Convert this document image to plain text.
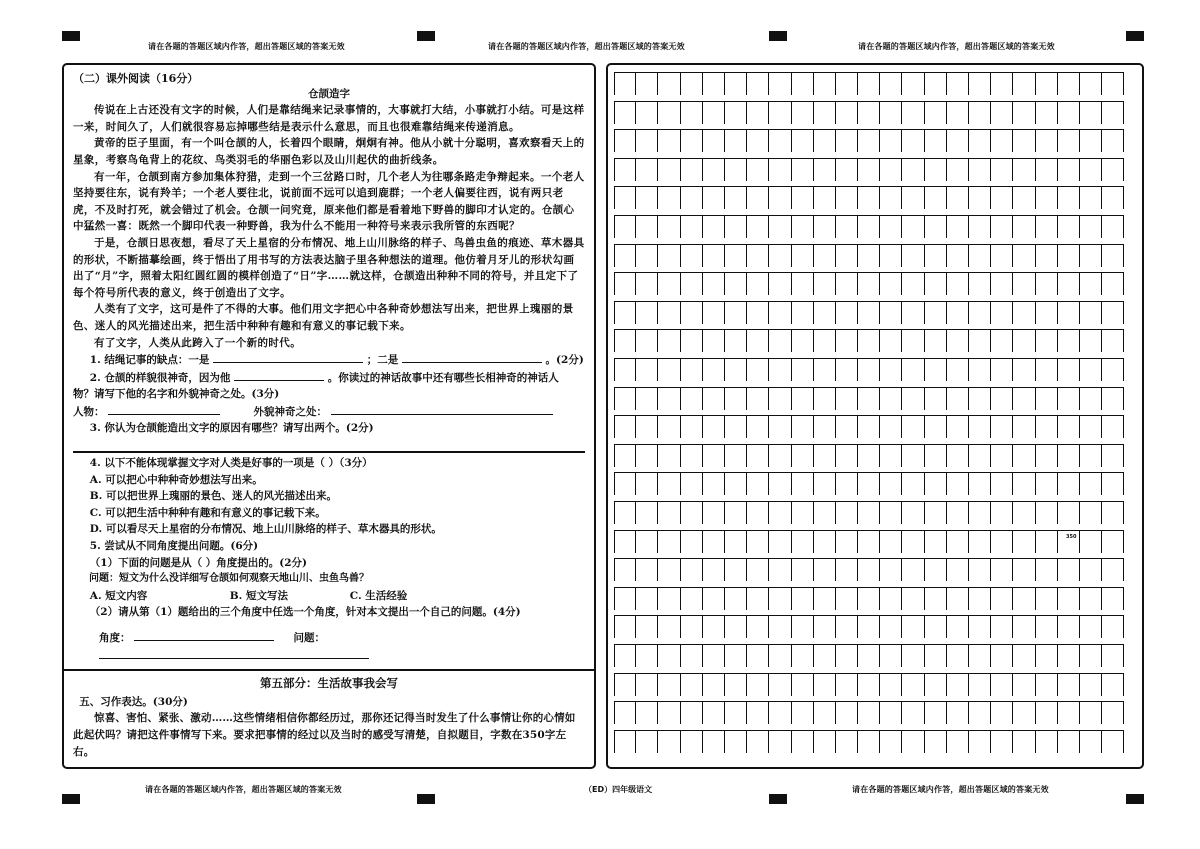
请在各题的答题区域内作答，超出答题区域的答案无效	请在各题的答题区域内作答，超出答题区域的答案无效	请在各题的答题区域内作答，超出答题区域的答案无效
（二）课外阅读（16分）
仓颉造字

传说在上古还没有文字的时候，人们是靠结绳来记录事情的，大事就打大结，小事就打小结。可是这样一来，时间久了，人们就很容易忘掉哪些结是表示什么意思，而且也很难靠结绳来传递消息。

黄帝的臣子里面，有一个叫仓颉的人，长着四个眼睛，炯炯有神。他从小就十分聪明，喜欢察看天上的星象，考察鸟龟背上的花纹、鸟类羽毛的华丽色彩以及山川起伏的曲折线条。

有一年，仓颉到南方参加集体狩猎，走到一个三岔路口时，几个老人为往哪条路走争辩起来。一个老人坚持要往东，说有羚羊；一个老人要往北，说前面不远可以追到鹿群；一个老人偏要往西，说有两只老虎，不及时打死，就会错过了机会。仓颉一问究竟，原来他们都是看着地下野兽的脚印才认定的。仓颉心中猛然一喜：既然一个脚印代表一种野兽，我为什么不能用一种符号来表示我所管的东西呢？

于是，仓颉日思夜想，看尽了天上星宿的分布情况、地上山川脉络的样子、鸟兽虫鱼的痕迹、草木器具的形状，不断描摹绘画，终于悟出了用书写的方法表达脑子里各种想法的道理。他仿着月牙儿的形状勾画出了“月”字，照着太阳红圆红圆的模样创造了“日”字……就这样，仓颉造出种种不同的符号，并且定下了每个符号所代表的意义，终于创造出了文字。

人类有了文字，这可是件了不得的大事。他们用文字把心中各种奇妙想法写出来，把世界上瑰丽的景色、迷人的风光描述出来，把生活中种种有趣和有意义的事记载下来。

有了文字，人类从此跨入了一个新的时代。

1. 结绳记事的缺点：一是	；二是	。(2分)
2. 仓颉的样貌很神奇，因为他	。你读过的神话故事中还有哪些长相神奇的神话人
物？请写下他的名字和外貌神奇之处。(3分)
人物：	外貌神奇之处：
3. 你认为仓颉能造出文字的原因有哪些？请写出两个。(2分)
4. 以下不能体现掌握文字对人类是好事的一项是（ ）（3分）
A. 可以把心中种种奇妙想法写出来。
B. 可以把世界上瑰丽的景色、迷人的风光描述出来。
C. 可以把生活中种种有趣和有意义的事记载下来。
D. 可以看尽天上星宿的分布情况、地上山川脉络的样子、草木器具的形状。
5. 尝试从不同角度提出问题。(6分)
（1）下面的问题是从（ ）角度提出的。(2分)
问题：短文为什么没详细写仓颉如何观察天地山川、虫鱼鸟兽？
A. 短文内容	B. 短文写法	C. 生活经验
（2）请从第（1）题给出的三个角度中任选一个角度，针对本文提出一个自己的问题。(4分)
角度：	问题：
第五部分：生活故事我会写
五、习作表达。(30分)

惊喜、害怕、紧张、激动……这些情绪相信你都经历过，那你还记得当时发生了什么事情让你的心情如此起伏吗？请把这件事情写下来。要求把事情的经过以及当时的感受写清楚，自拟题目，字数在350字左右。

350
请在各题的答题区域内作答，超出答题区域的答案无效	（ED）四年级语文	请在各题的答题区域内作答，超出答题区域的答案无效
